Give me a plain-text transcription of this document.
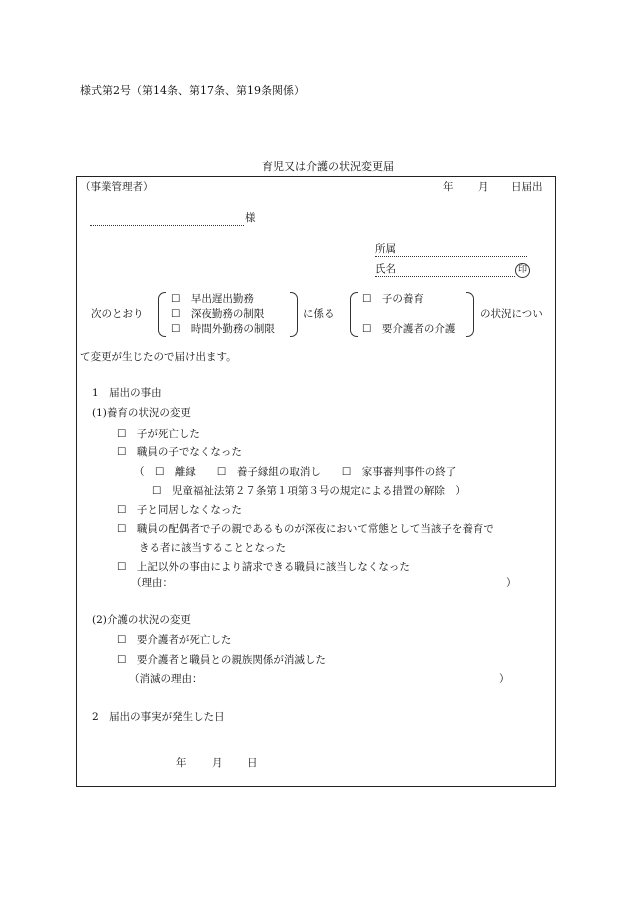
様式第2号（第14条、第17条、第19条関係）
育児又は介護の状況変更届
（事業管理者）	年 月 日届出
様
所属
氏名	印
次のとおり
☐　早出遅出勤務
☐　深夜勤務の制限
☐　時間外勤務の制限
に係る
☐　子の養育
☐　要介護者の介護
の状況につい
て変更が生じたので届け出ます。
1　届出の事由
(1)養育の状況の変更
☐　子が死亡した
☐　職員の子でなくなった
（　☐　離縁　　☐　養子縁組の取消し　　☐　家事審判事件の終了
☐　児童福祉法第２７条第１項第３号の規定による措置の解除　）
☐　子と同居しなくなった
☐　職員の配偶者で子の親であるものが深夜において常態として当該子を養育で
きる者に該当することとなった
☐　上記以外の事由により請求できる職員に該当しなくなった
（理由：	）
(2)介護の状況の変更
☐　要介護者が死亡した
☐　要介護者と職員との親族関係が消滅した
（消滅の理由：	）
2　届出の事実が発生した日
年 月 日
